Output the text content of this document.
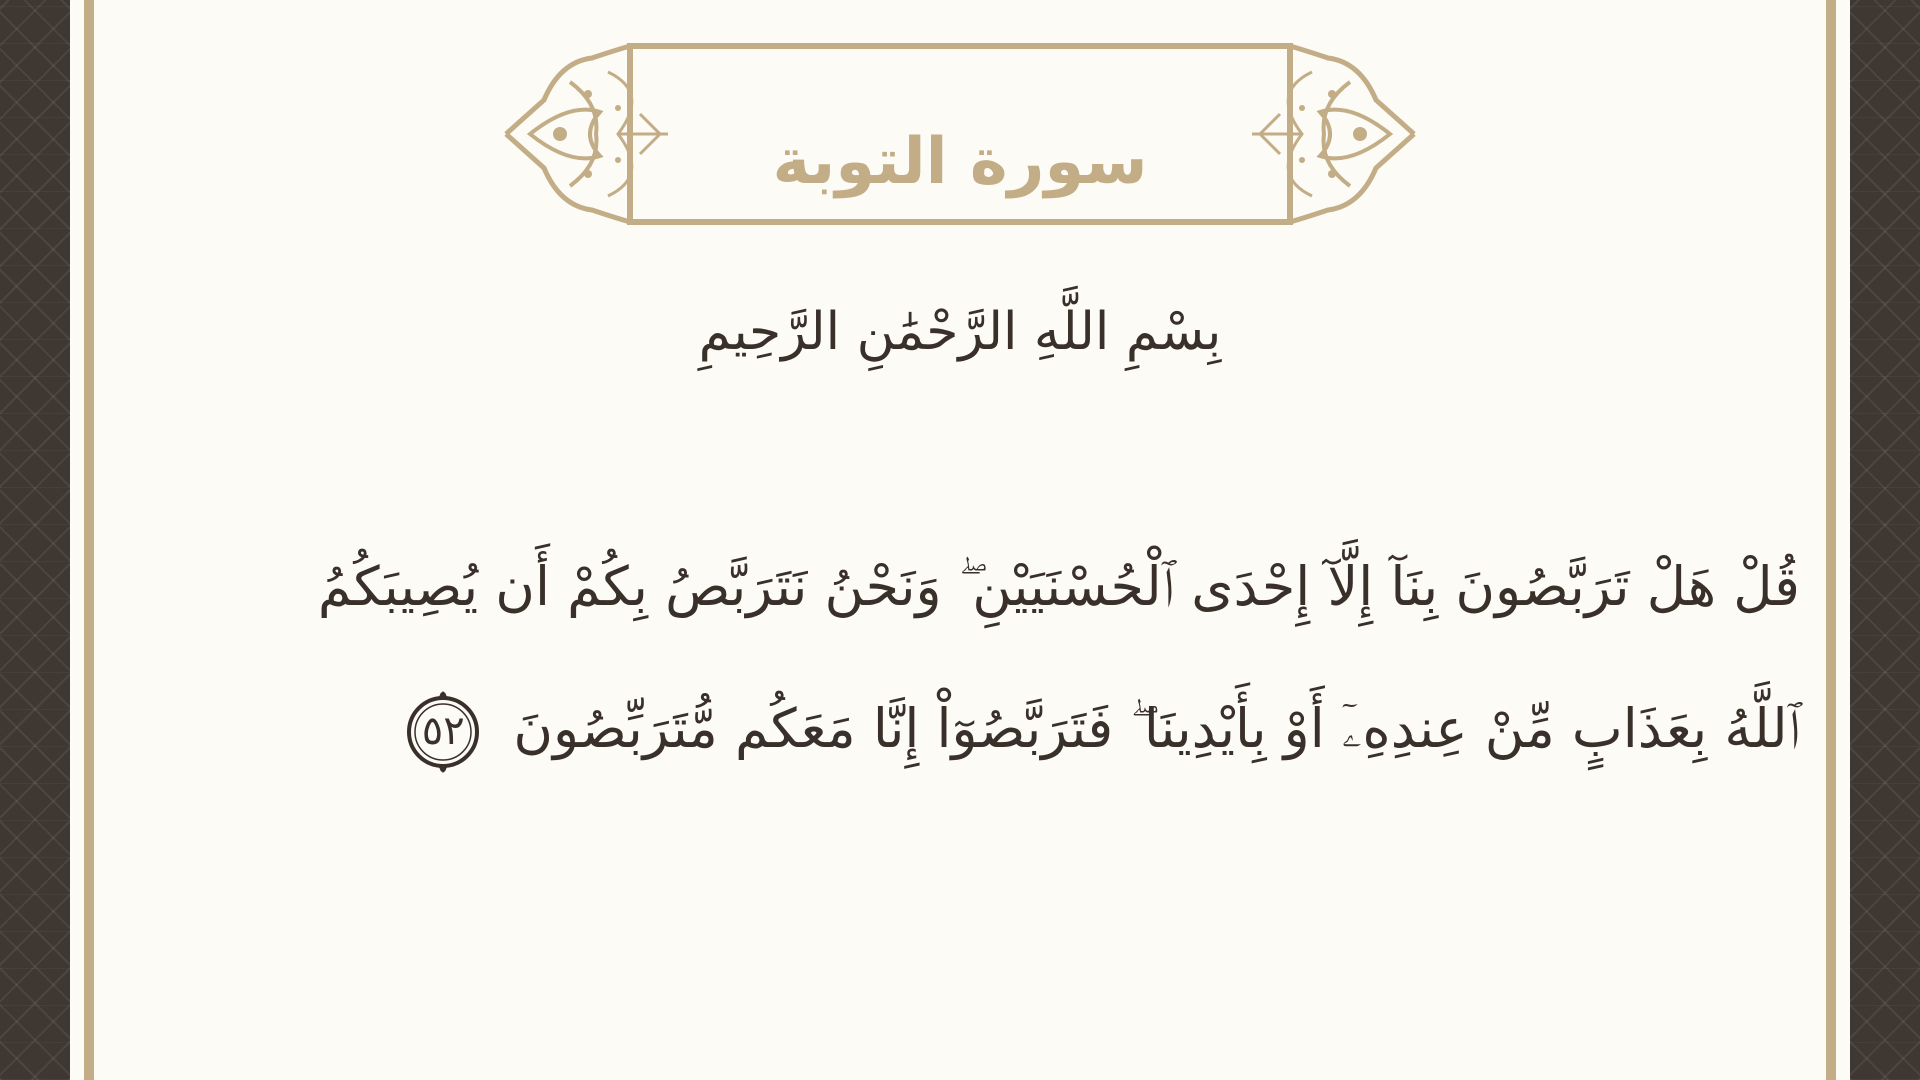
سورة التوبة
بِسْمِ اللَّهِ الرَّحْمَٰنِ الرَّحِيمِ
قُلْ هَلْ تَرَبَّصُونَ بِنَآ إِلَّآ إِحْدَى ٱلْحُسْنَيَيْنِ ۖ وَنَحْنُ نَتَرَبَّصُ بِكُمْ أَن يُصِيبَكُمُ ٱللَّهُ بِعَذَابٍ مِّنْ عِندِهِۦٓ أَوْ بِأَيْدِينَا ۖ فَتَرَبَّصُوٓاْ إِنَّا مَعَكُم مُّتَرَبِّصُونَ
٥٢
